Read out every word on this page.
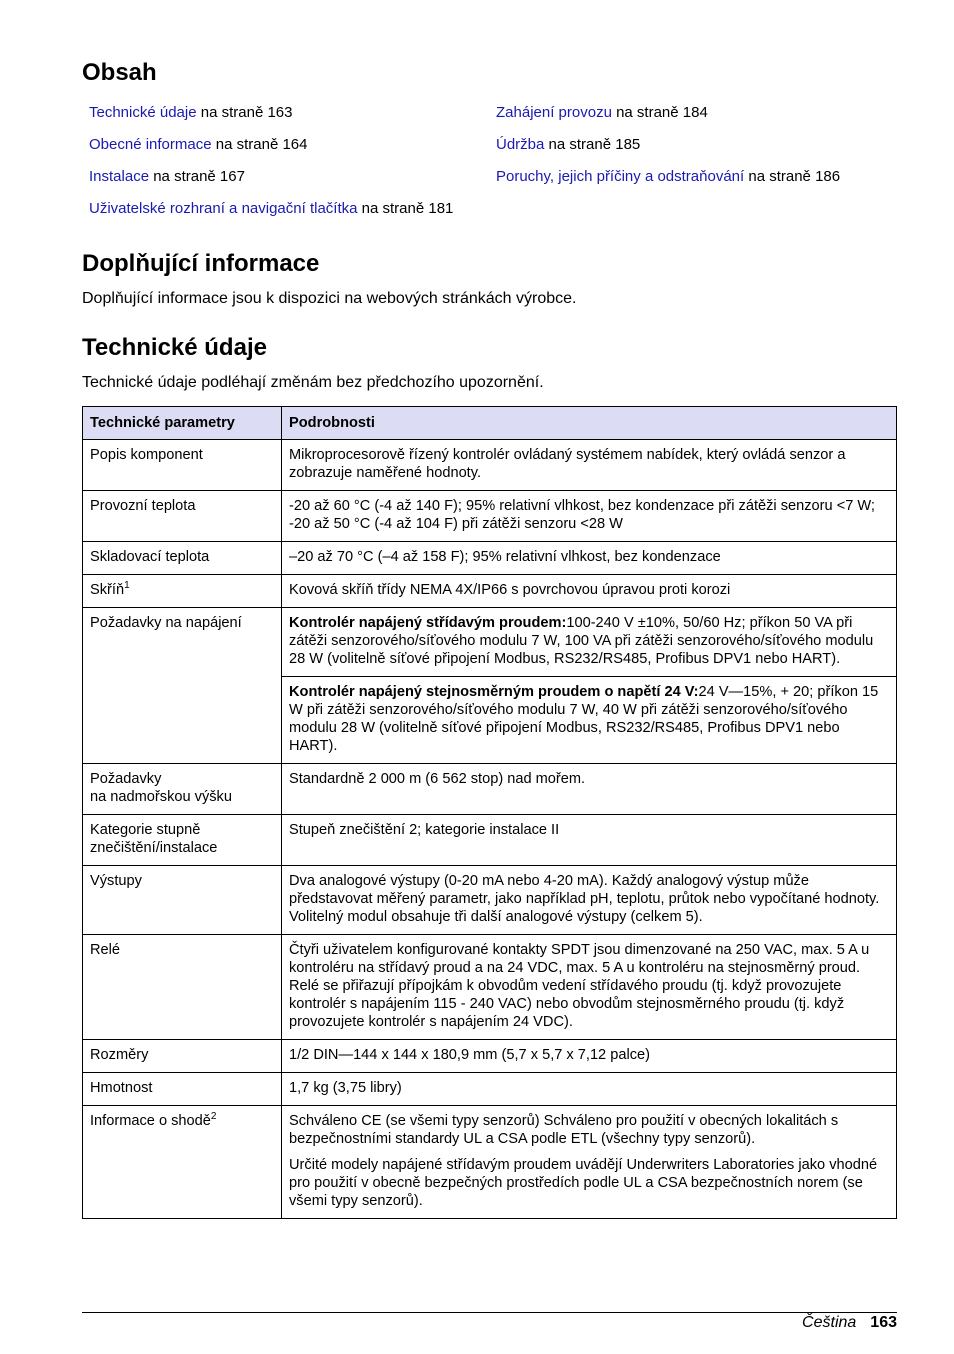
Obsah
Technické údaje na straně 163
Obecné informace na straně 164
Instalace na straně 167
Uživatelské rozhraní a navigační tlačítka na straně 181
Zahájení provozu na straně 184
Údržba na straně 185
Poruchy, jejich příčiny a odstraňování na straně 186
Doplňující informace

Doplňující informace jsou k dispozici na webových stránkách výrobce.

Technické údaje

Technické údaje podléhají změnám bez předchozího upozornění.

Technické parametry	Podrobnosti
Popis komponent	Mikroprocesorově řízený kontrolér ovládaný systémem nabídek, který ovládá senzor a zobrazuje naměřené hodnoty.
Provozní teplota	-20 až 60 °C (-4 až 140 F); 95% relativní vlhkost, bez kondenzace při zátěži senzoru <7 W; -20 až 50 °C (-4 až 104 F) při zátěži senzoru <28 W
Skladovací teplota	–20 až 70 °C (–4 až 158 F); 95% relativní vlhkost, bez kondenzace
Skříň$^1$	Kovová skříň třídy NEMA 4X/IP66 s povrchovou úpravou proti korozi
Požadavky na napájení	Kontrolér napájený střídavým proudem:100-240 V ±10%, 50/60 Hz; příkon 50 VA při zátěži senzorového/síťového modulu 7 W, 100 VA při zátěži senzorového/síťového modulu 28 W (volitelně síťové připojení Modbus, RS232/RS485, Profibus DPV1 nebo HART).
	Kontrolér napájený stejnosměrným proudem o napětí 24 V:24 V—15%, + 20; příkon 15 W při zátěži senzorového/síťového modulu 7 W, 40 W při zátěži senzorového/síťového modulu 28 W (volitelně síťové připojení Modbus, RS232/RS485, Profibus DPV1 nebo HART).
Požadavky
na nadmořskou výšku	Standardně 2 000 m (6 562 stop) nad mořem.
Kategorie stupně znečištění/instalace	Stupeň znečištění 2; kategorie instalace II
Výstupy	Dva analogové výstupy (0-20 mA nebo 4-20 mA). Každý analogový výstup může představovat měřený parametr, jako například pH, teplotu, průtok nebo vypočítané hodnoty. Volitelný modul obsahuje tři další analogové výstupy (celkem 5).
Relé	Čtyři uživatelem konfigurované kontakty SPDT jsou dimenzované na 250 VAC, max. 5 A u kontroléru na střídavý proud a na 24 VDC, max. 5 A u kontroléru na stejnosměrný proud. Relé se přiřazují přípojkám k obvodům vedení střídavého proudu (tj. když provozujete kontrolér s napájením 115 - 240 VAC) nebo obvodům stejnosměrného proudu (tj. když provozujete kontrolér s napájením 24 VDC).
Rozměry	1/2 DIN—144 x 144 x 180,9 mm (5,7 x 5,7 x 7,12 palce)
Hmotnost	1,7 kg (3,75 libry)
Informace o shodě$^2$	Schváleno CE (se všemi typy senzorů) Schváleno pro použití v obecných lokalitách s bezpečnostními standardy UL a CSA podle ETL (všechny typy senzorů).
Určité modely napájené střídavým proudem uvádějí Underwriters Laboratories jako vhodné pro použití v obecně bezpečných prostředích podle UL a CSA bezpečnostních norem (se všemi typy senzorů).
Čeština 163
